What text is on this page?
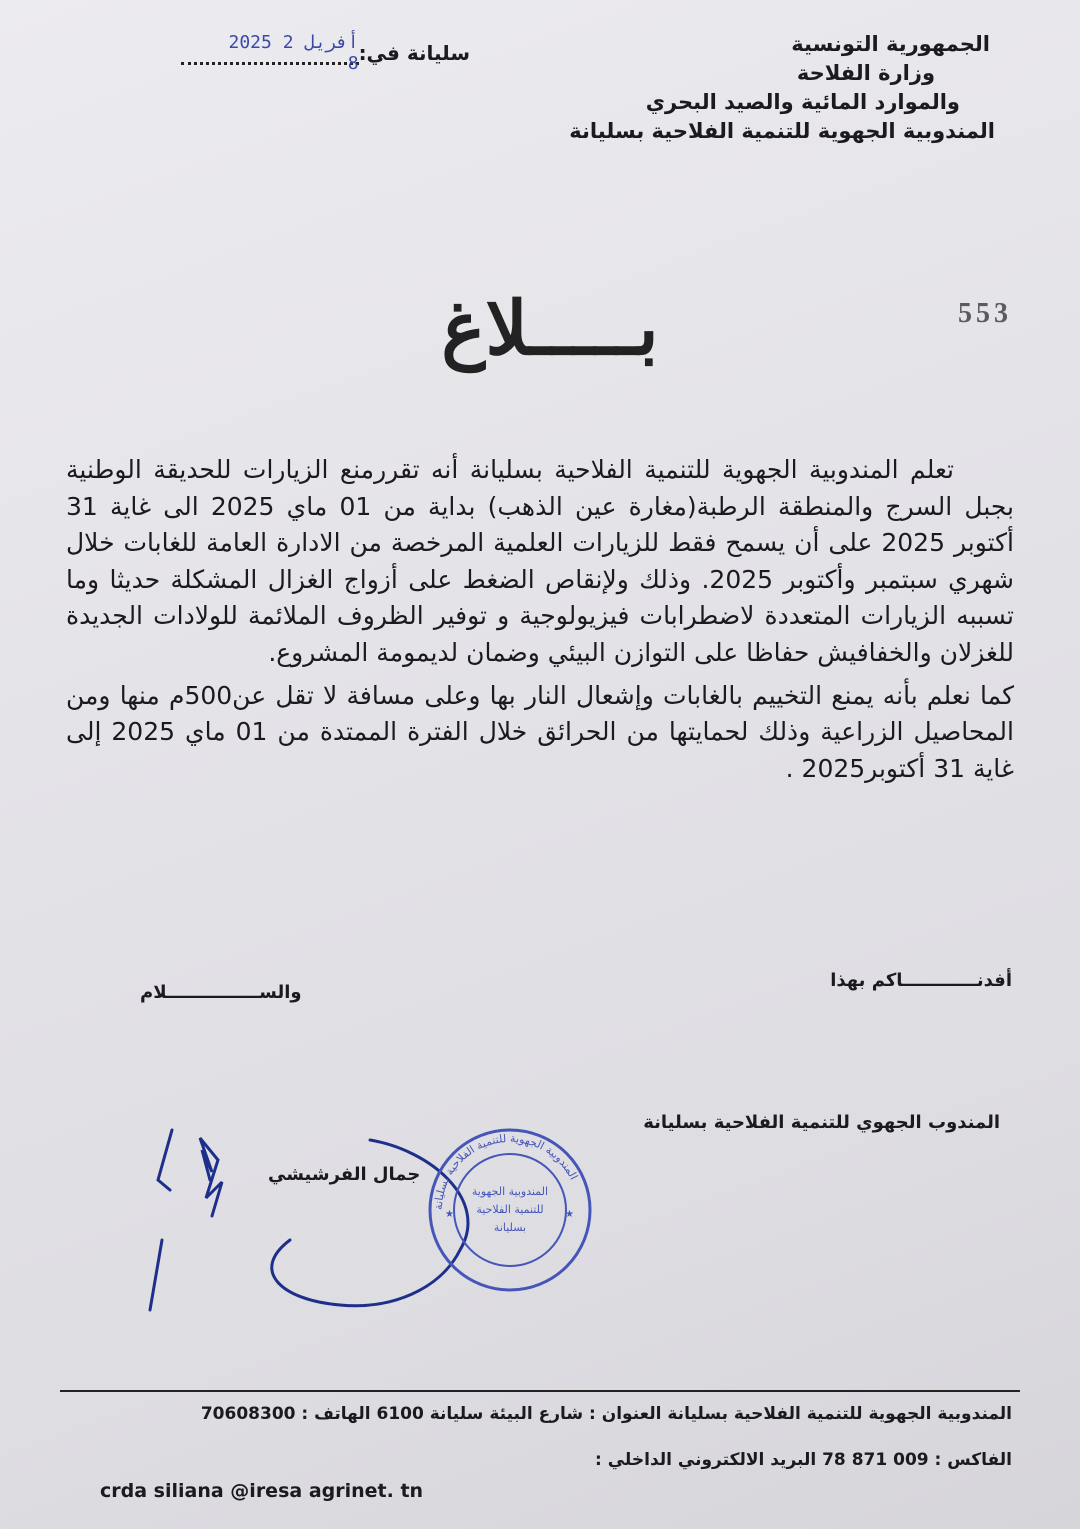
الجمهورية التونسية
وزارة الفلاحة
والموارد المائية والصيد البحري
المندوبية الجهوية للتنمية الفلاحية بسليانة
سليانة في:
2025 أفريل 2 8
553
بـــــلاغ

تعلم المندوبية الجهوية للتنمية الفلاحية بسليانة أنه تقررمنع الزيارات للحديقة الوطنية بجبل السرج والمنطقة الرطبة(مغارة عين الذهب) بداية من 01 ماي 2025 الى غاية 31 أكتوبر 2025 على أن يسمح فقط للزيارات العلمية المرخصة من الادارة العامة للغابات خلال شهري سبتمبر وأكتوبر 2025. وذلك ولإنقاص الضغط على أزواج الغزال المشكلة حديثا وما تسببه الزيارات المتعددة لاضطرابات فيزيولوجية و توفير الظروف الملائمة للولادات الجديدة للغزلان والخفافيش حفاظا على التوازن البيئي وضمان لديمومة المشروع.

كما نعلم بأنه يمنع التخييم بالغابات وإشعال النار بها وعلى مسافة لا تقل عن500م منها ومن المحاصيل الزراعية وذلك لحمايتها من الحرائق خلال الفترة الممتدة من 01 ماي 2025 إلى غاية 31 أكتوبر2025 .

أفدنــــــــــــاكم بهذا
والســـــــــــــــلام
المندوب الجهوي للتنمية الفلاحية بسليانة
جمال الفرشيشي
المندوبية الجهوية للتنمية الفلاحية بسليانة
المندوبية الجهوية
للتنمية الفلاحية
بسليانة
★	★
المندوبية الجهوية للتنمية الفلاحية بسليانة العنوان : شارع البيئة سليانة 6100 الهاتف : 70608300
الفاكس : 009 871 78 البريد الالكتروني الداخلي :
crda siliana @iresa agrinet. tn
